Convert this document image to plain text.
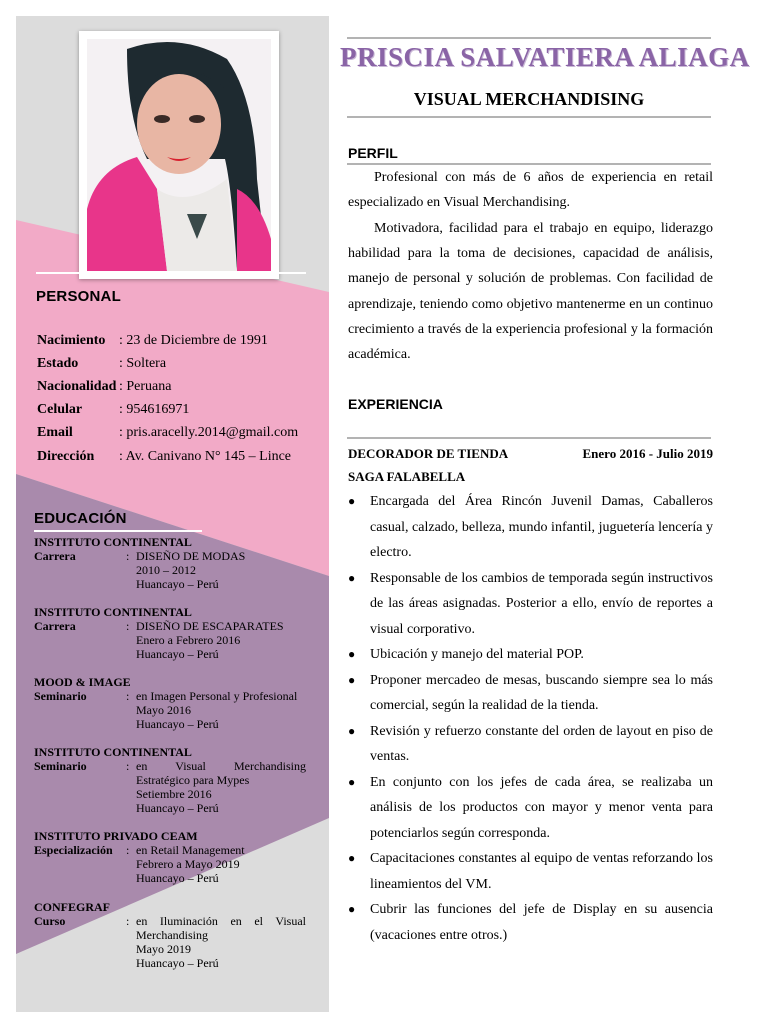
PERSONAL
Nacimiento : 23 de Diciembre de 1991
Estado	: Soltera
Nacionalidad : Peruana
Celular	: 954616971
Email	: pris.aracelly.2014@gmail.com
Dirección : Av. Canivano N° 145 – Lince
EDUCACIÓN
INSTITUTO CONTINENTAL
Carrera	: DISEÑO DE MODAS
2010 – 2012
Huancayo – Perú
INSTITUTO CONTINENTAL
Carrera	: DISEÑO DE ESCAPARATES
Enero a Febrero 2016
Huancayo – Perú
MOOD & IMAGE
Seminario	: en Imagen Personal y Profesional
Mayo 2016
Huancayo – Perú
INSTITUTO CONTINENTAL
Seminario	: en Visual Merchandising
Estratégico para Mypes
Setiembre 2016
Huancayo – Perú
INSTITUTO PRIVADO CEAM
Especialización	: en Retail Management
Febrero a Mayo 2019
Huancayo – Perú
CONFEGRAF
Curso	: en Iluminación en el Visual
Merchandising
Mayo 2019
Huancayo – Perú
PRISCIA SALVATIERA ALIAGA
VISUAL MERCHANDISING
PERFIL
Profesional con más de 6 años de experiencia en retail especializado en Visual Merchandising.
Motivadora, facilidad para el trabajo en equipo, liderazgo habilidad para la toma de decisiones, capacidad de análisis, manejo de personal y solución de problemas. Con facilidad de aprendizaje, teniendo como objetivo mantenerme en un continuo crecimiento a través de la experiencia profesional y la formación académica.
EXPERIENCIA
DECORADOR DE TIENDA	Enero 2016 - Julio 2019
SAGA FALABELLA
● Encargada del Área Rincón Juvenil Damas, Caballeros casual, calzado, belleza, mundo infantil, juguetería lencería y electro.
● Responsable de los cambios de temporada según instructivos de las áreas asignadas. Posterior a ello, envío de reportes a visual corporativo.
● Ubicación y manejo del material POP.
● Proponer mercadeo de mesas, buscando siempre sea lo más comercial, según la realidad de la tienda.
● Revisión y refuerzo constante del orden de layout en piso de ventas.
● En conjunto con los jefes de cada área, se realizaba un análisis de los productos con mayor y menor venta para potenciarlos según corresponda.
● Capacitaciones constantes al equipo de ventas reforzando los lineamientos del VM.
● Cubrir las funciones del jefe de Display en su ausencia (vacaciones entre otros.)
